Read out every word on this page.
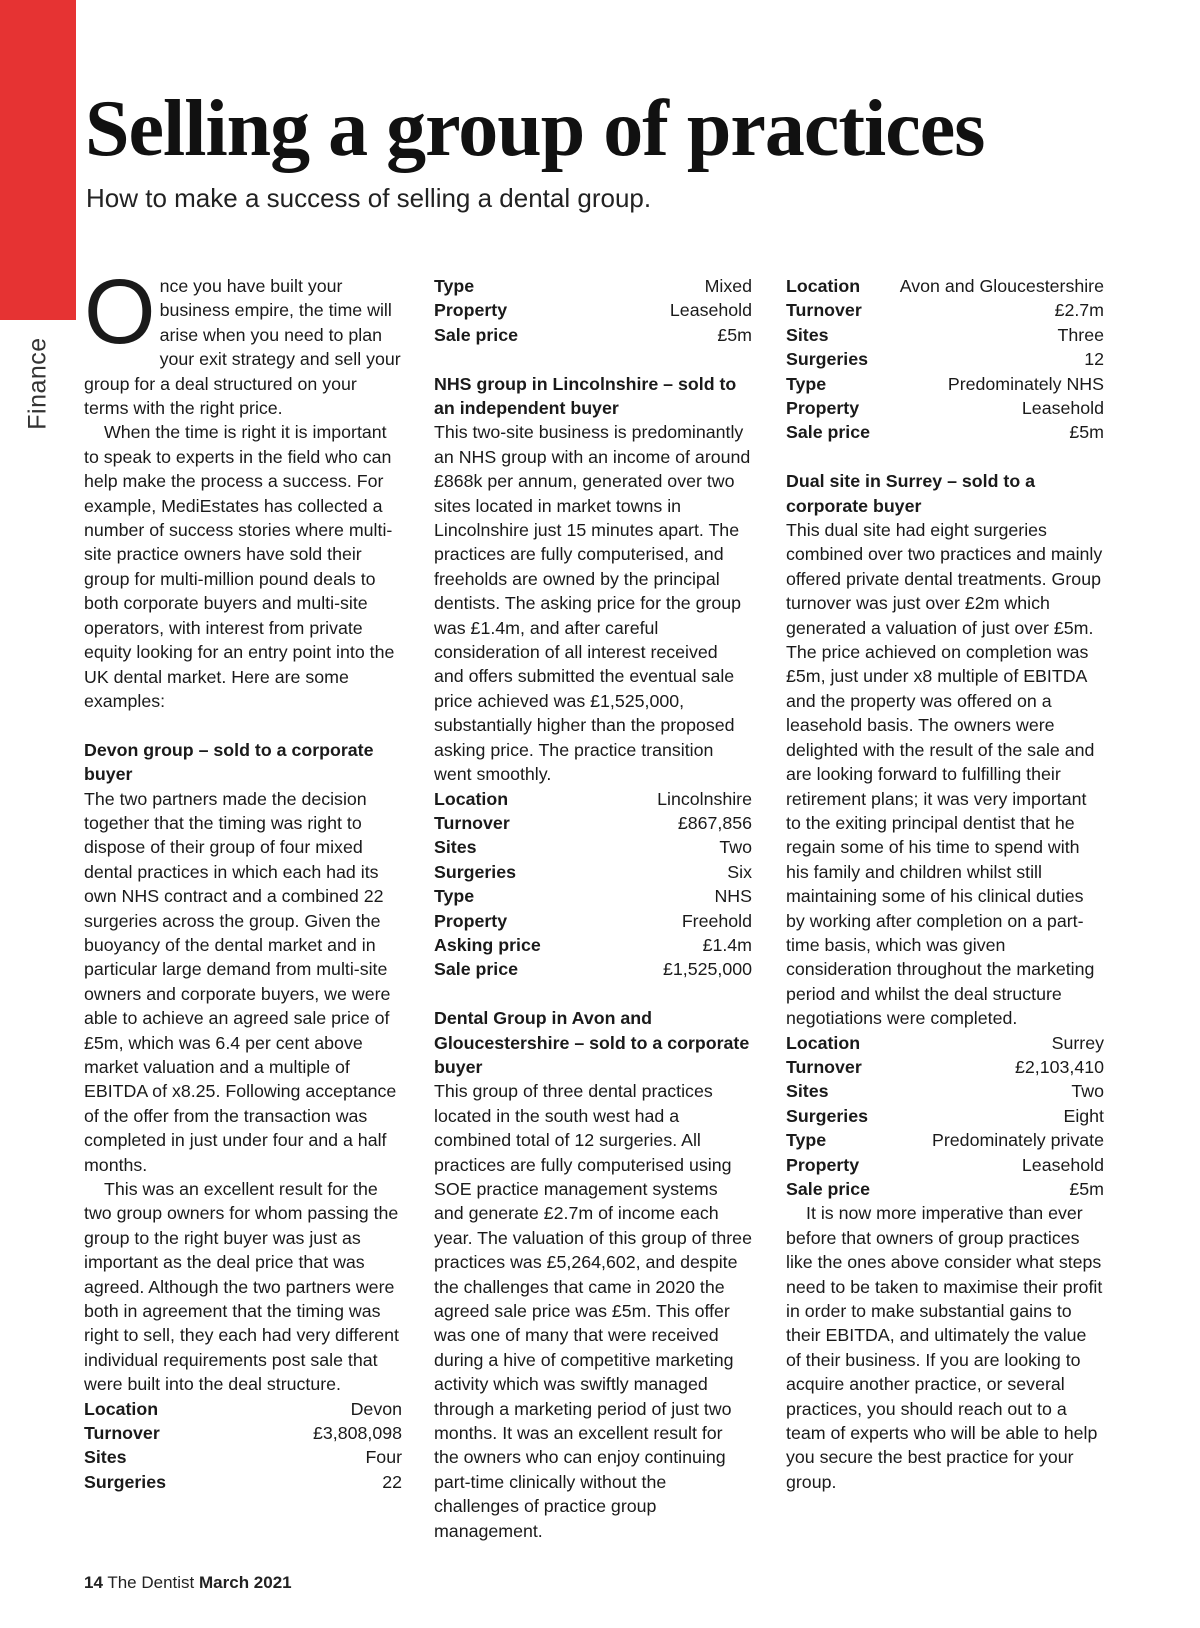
Finance
Selling a group of practices

How to make a success of selling a dental group.

Once you have built your business empire, the time will arise when you need to plan your exit strategy and sell your group for a deal structured on your terms with the right price.

When the time is right it is important to speak to experts in the field who can help make the process a success. For example, MediEstates has collected a number of success stories where multi-site practice owners have sold their group for multi-million pound deals to both corporate buyers and multi-site operators, with interest from private equity looking for an entry point into the UK dental market. Here are some examples:

Devon group – sold to a corporate buyer

The two partners made the decision together that the timing was right to dispose of their group of four mixed dental practices in which each had its own NHS contract and a combined 22 surgeries across the group. Given the buoyancy of the dental market and in particular large demand from multi-site owners and corporate buyers, we were able to achieve an agreed sale price of £5m, which was 6.4 per cent above market valuation and a multiple of EBITDA of x8.25. Following acceptance of the offer from the transaction was completed in just under four and a half months.

This was an excellent result for the two group owners for whom passing the group to the right buyer was just as important as the deal price that was agreed. Although the two partners were both in agreement that the timing was right to sell, they each had very different individual requirements post sale that were built into the deal structure.

Location	Devon
Turnover	£3,808,098
Sites	Four
Surgeries	22
Type	Mixed
Property	Leasehold
Sale price	£5m

NHS group in Lincolnshire – sold to an independent buyer

This two-site business is predominantly an NHS group with an income of around £868k per annum, generated over two sites located in market towns in Lincolnshire just 15 minutes apart. The practices are fully computerised, and freeholds are owned by the principal dentists. The asking price for the group was £1.4m, and after careful consideration of all interest received and offers submitted the eventual sale price achieved was £1,525,000, substantially higher than the proposed asking price. The practice transition went smoothly.

Location	Lincolnshire
Turnover	£867,856
Sites	Two
Surgeries	Six
Type	NHS
Property	Freehold
Asking price	£1.4m
Sale price	£1,525,000

Dental Group in Avon and Gloucestershire – sold to a corporate buyer

This group of three dental practices located in the south west had a combined total of 12 surgeries. All practices are fully computerised using SOE practice management systems and generate £2.7m of income each year. The valuation of this group of three practices was £5,264,602, and despite the challenges that came in 2020 the agreed sale price was £5m. This offer was one of many that were received during a hive of competitive marketing activity which was swiftly managed through a marketing period of just two months. It was an excellent result for the owners who can enjoy continuing part-time clinically without the challenges of practice group management.

Location Avon and Gloucestershire
Turnover	£2.7m
Sites	Three
Surgeries	12
Type	Predominately NHS
Property	Leasehold
Sale price	£5m

Dual site in Surrey – sold to a corporate buyer

This dual site had eight surgeries combined over two practices and mainly offered private dental treatments. Group turnover was just over £2m which generated a valuation of just over £5m. The price achieved on completion was £5m, just under x8 multiple of EBITDA and the property was offered on a leasehold basis. The owners were delighted with the result of the sale and are looking forward to fulfilling their retirement plans; it was very important to the exiting principal dentist that he regain some of his time to spend with his family and children whilst still maintaining some of his clinical duties by working after completion on a part-time basis, which was given consideration throughout the marketing period and whilst the deal structure negotiations were completed.

Location	Surrey
Turnover	£2,103,410
Sites	Two
Surgeries	Eight
Type	Predominately private
Property	Leasehold
Sale price	£5m

It is now more imperative than ever before that owners of group practices like the ones above consider what steps need to be taken to maximise their profit in order to make substantial gains to their EBITDA, and ultimately the value of their business. If you are looking to acquire another practice, or several practices, you should reach out to a team of experts who will be able to help you secure the best practice for your group.

14 The Dentist March 2021
